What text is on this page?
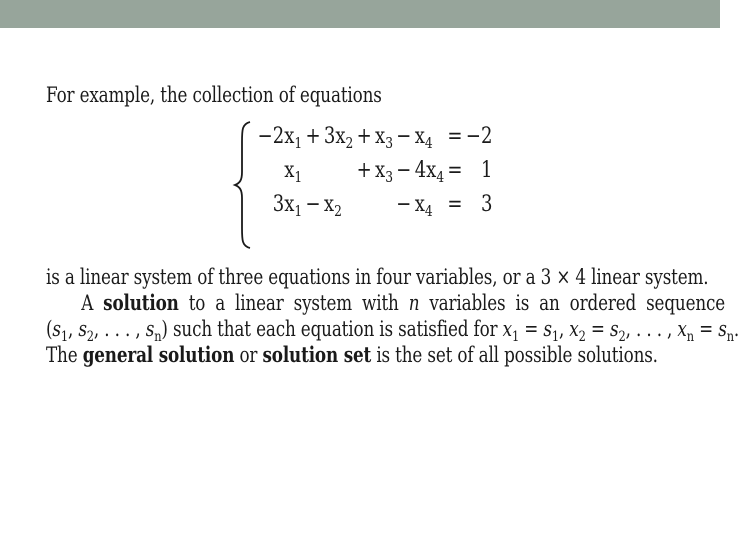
For example, the collection of equations
$-2x_1$	+	$3x_2$	+	$x_3$	−	$x_4$	=	−2
$x_1$			+	$x_3$	−	$4x_4$	=	1
$3x_1$	−	$x_2$			−	$x_4$	=	3
is a linear system of three equations in four variables, or a 3 × 4 linear system.
A solution to a linear system with n variables is an ordered sequence
($s_1$, $s_2$, . . . , $s_n$) such that each equation is satisfied for $x_1 = s_1$, $x_2 = s_2$, . . . , $x_n = s_n$.
The general solution or solution set is the set of all possible solutions.
